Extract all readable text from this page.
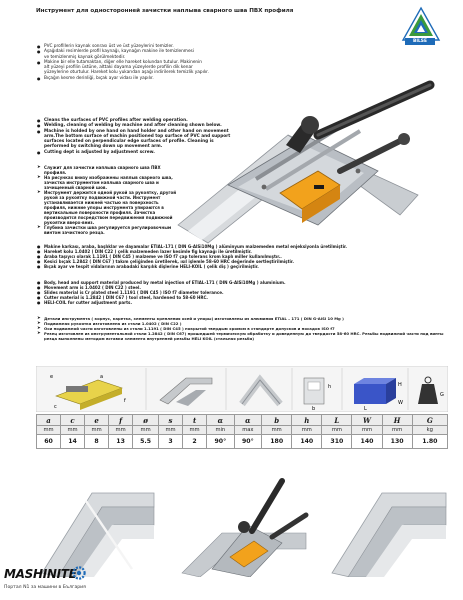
Инструмент для односторонней зачистки наплыва сварного шва ПВХ профиля
BILSE
● PVC profillerin kaynak sonrası üst ve üst yüzeylerini temizler.
● Aşağıdaki resimlerde profil kaynağı, kaynağın makine ile temizlenmesi
ve temizlenmiş kaynak görülmektedir.
● Makine bir elle tutamaktan, diğer elle hareket kolundan tutulur. Makinenin
alt yüzeyi profilin üstüne, alttaki dayama yüzeylerde profilin dik kenar
yüzeylerine oturtulur. Hareket kolu yukarıdan aşağı indirilerek temizlik yapılır.
● Bıçağın kesme derinliği, bıçak ayar vidası ile yapılır.
● Cleans the surfaces of PVC profiles after welding operation.
● Welding, cleaning of welding by machine and after cleaning shown below.
● Machine is holded by one hand on hand holder and other hand on movement arm.The bottom surface of machin positioned top surface of PVC and support surfaces located on perpendicular edge surfaces of profile. Cleaning is performed by switching down up movement arm.
● Cutting dept is adjusted by adjustment screw.
➤ Служит для зачистки наплыва сварного шва ПВХ профиля.
➤ На рисунках внизу изображены наплыв сварного шва, зачистка инструментом наплыва сварного шва и зачищенный сварной шов.
➤ Инструмент держится одной рукой за рукоятку, другой рукой за рукоятку подвижной части. Инструмент устанавливается нижней частью на поверхность профиля, нижние упоры инструмента упираются в вертикальные поверхности профиля. Зачистка производится посредством передвижения подвижной рукоятки вверх-вниз.
➤ Глубина зачистки шва регулируется регулировочным винтом зачистного резца.
● Makine karkası, araba, başlıklar ve dayamalar ETIAL-171 ( DIN G-AlSi10Mg ) alüminyum malzemeden metal enjeksiyonla üretilmiştir.
● Hareket kolu 1.0402 ( DIN C22 ) çelik malzemeden lazer kesimle fig kaynağı ile üretilmiştir.
● Araba taşıyıcı olarak 1.1191 ( DIN C45 ) malzeme ve ISO f7 çap tolerans krom kaplı miller kullanılmıştır..
● Kesici bıçak 1.2842 ( DIN C67 ) takım çeliğinden üretilerek, ısıl işlemle 58-60 HRC değerinde sertleştirilmiştir.
● Bıçak ayar ve tespit vidalarının arabadaki karşılık dişlerine HELI-KOIL ( çelik diş ) geçirilmiştir.
● Body, head and support material produced by metal injection of ETIAL-171 ( DIN G-AlSi10Mg ) aluminium.
● Movement arm is 1.0402 ( DIN C22 ) steel.
● Slides material is Cr plated steel 1.1191 ( DIN C45 ) ISO f7 diameter tolerance.
● Cutter material is 1.2842 ( DIN C67 ) tool steel, hardened to 58-60 HRC.
● HELI-COIL for cutter adjustment parts.
➤ Детали инструмента ( корпус, каретка, элементы крепления осей и упоры) изготовлены из алюминия ETIAL – 171 ( DIN G-AlSi 10 Mg )
➤ Подвижная рукоятка изготовлена из стали 1.0402 ( DIN C22 )
➤ Оси подвижной части изготовлены из стали 1.1191 ( DIN C45 ) покрытой твердым хромом в стандарте допусков и посадок ISO f7
➤ Резец изготовлен из инструментальной стали 1.2842 ( DIN C67) прошедшей термическую обработку и доведенную до твердости 58-60 HRC. Резьбы подвижной части под винты резца выполнены методом вставки элемента внутренней резьбы HELI KOIL (стальная резьба)
e	a
c
f
h
b	L
W
H
G
a	c	e	f	ø	s	t	α	α	b	h	L	W	H	G
mm	mm	mm	mm	mm	mm	mm	min	max	mm	mm	mm	mm	mm	kg
60	14	8	13	5.5	3	2	90°	90°	180	140	310	140	130	1.80
MASHINITE
Портал N1 за машини в България
